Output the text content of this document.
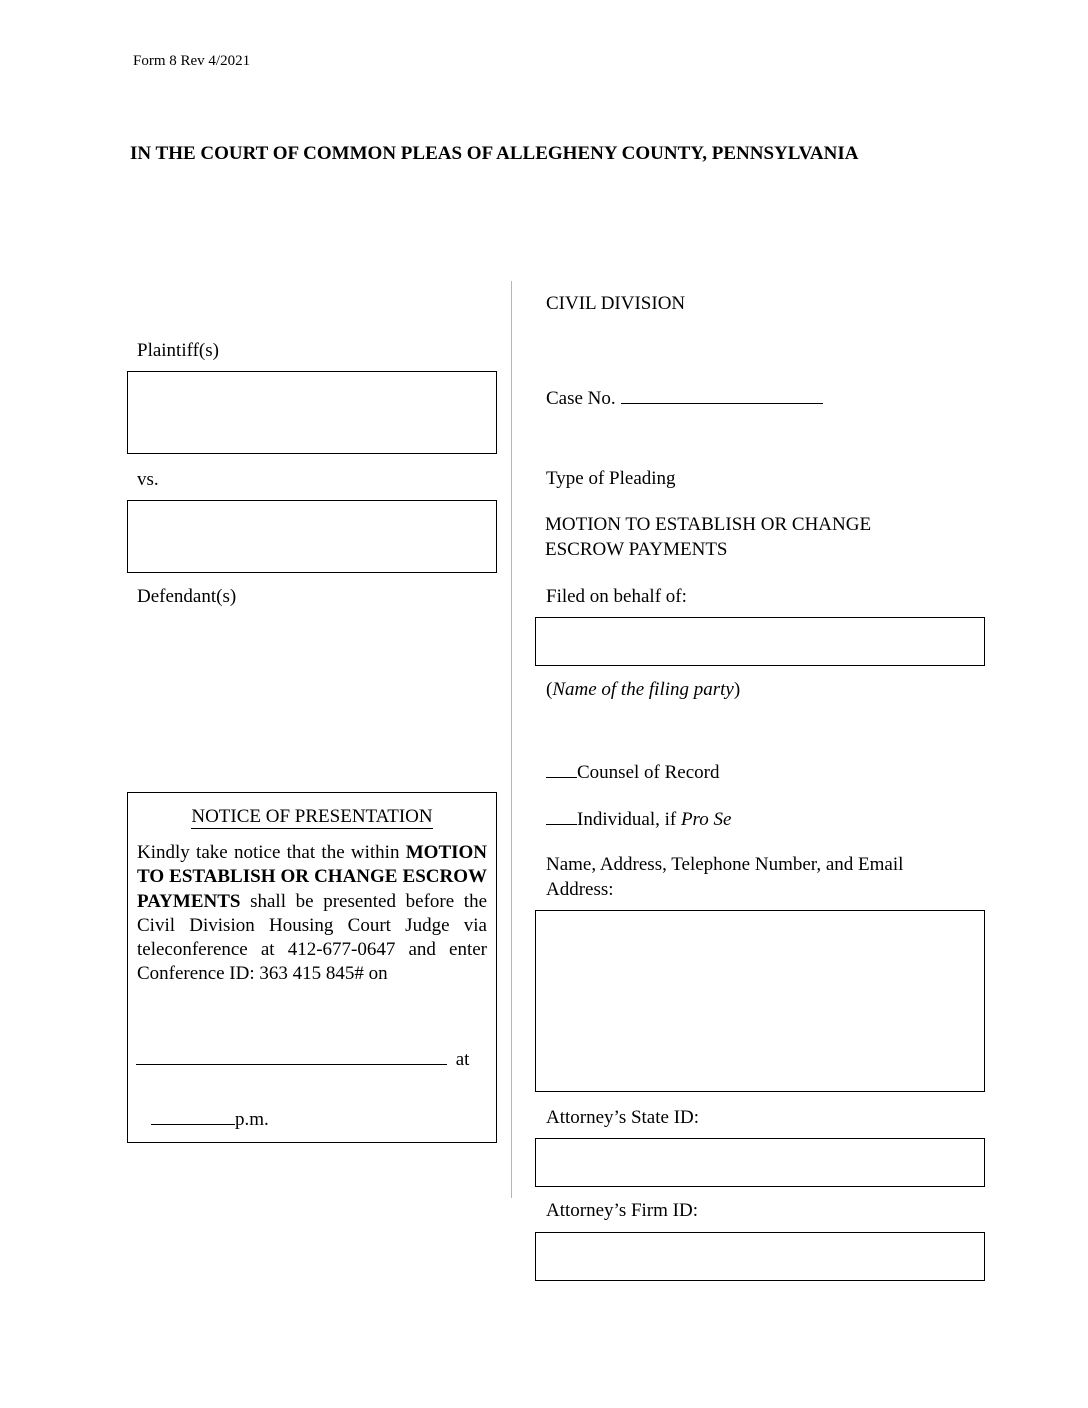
Form 8 Rev 4/2021
IN THE COURT OF COMMON PLEAS OF ALLEGHENY COUNTY, PENNSYLVANIA
Plaintiff(s)
vs.
Defendant(s)
NOTICE OF PRESENTATION
Kindly take notice that the within MOTION TO ESTABLISH OR CHANGE ESCROW PAYMENTS shall be presented before the Civil Division Housing Court Judge via teleconference at 412-677-0647 and enter Conference ID: 363 415 845# on
at
p.m.
CIVIL DIVISION
Case No.
Type of Pleading
MOTION TO ESTABLISH OR CHANGE
ESCROW PAYMENTS
Filed on behalf of:
(Name of the filing party)
Counsel of Record
Individual, if Pro Se
Name, Address, Telephone Number, and Email
Address:
Attorney’s State ID:
Attorney’s Firm ID:
